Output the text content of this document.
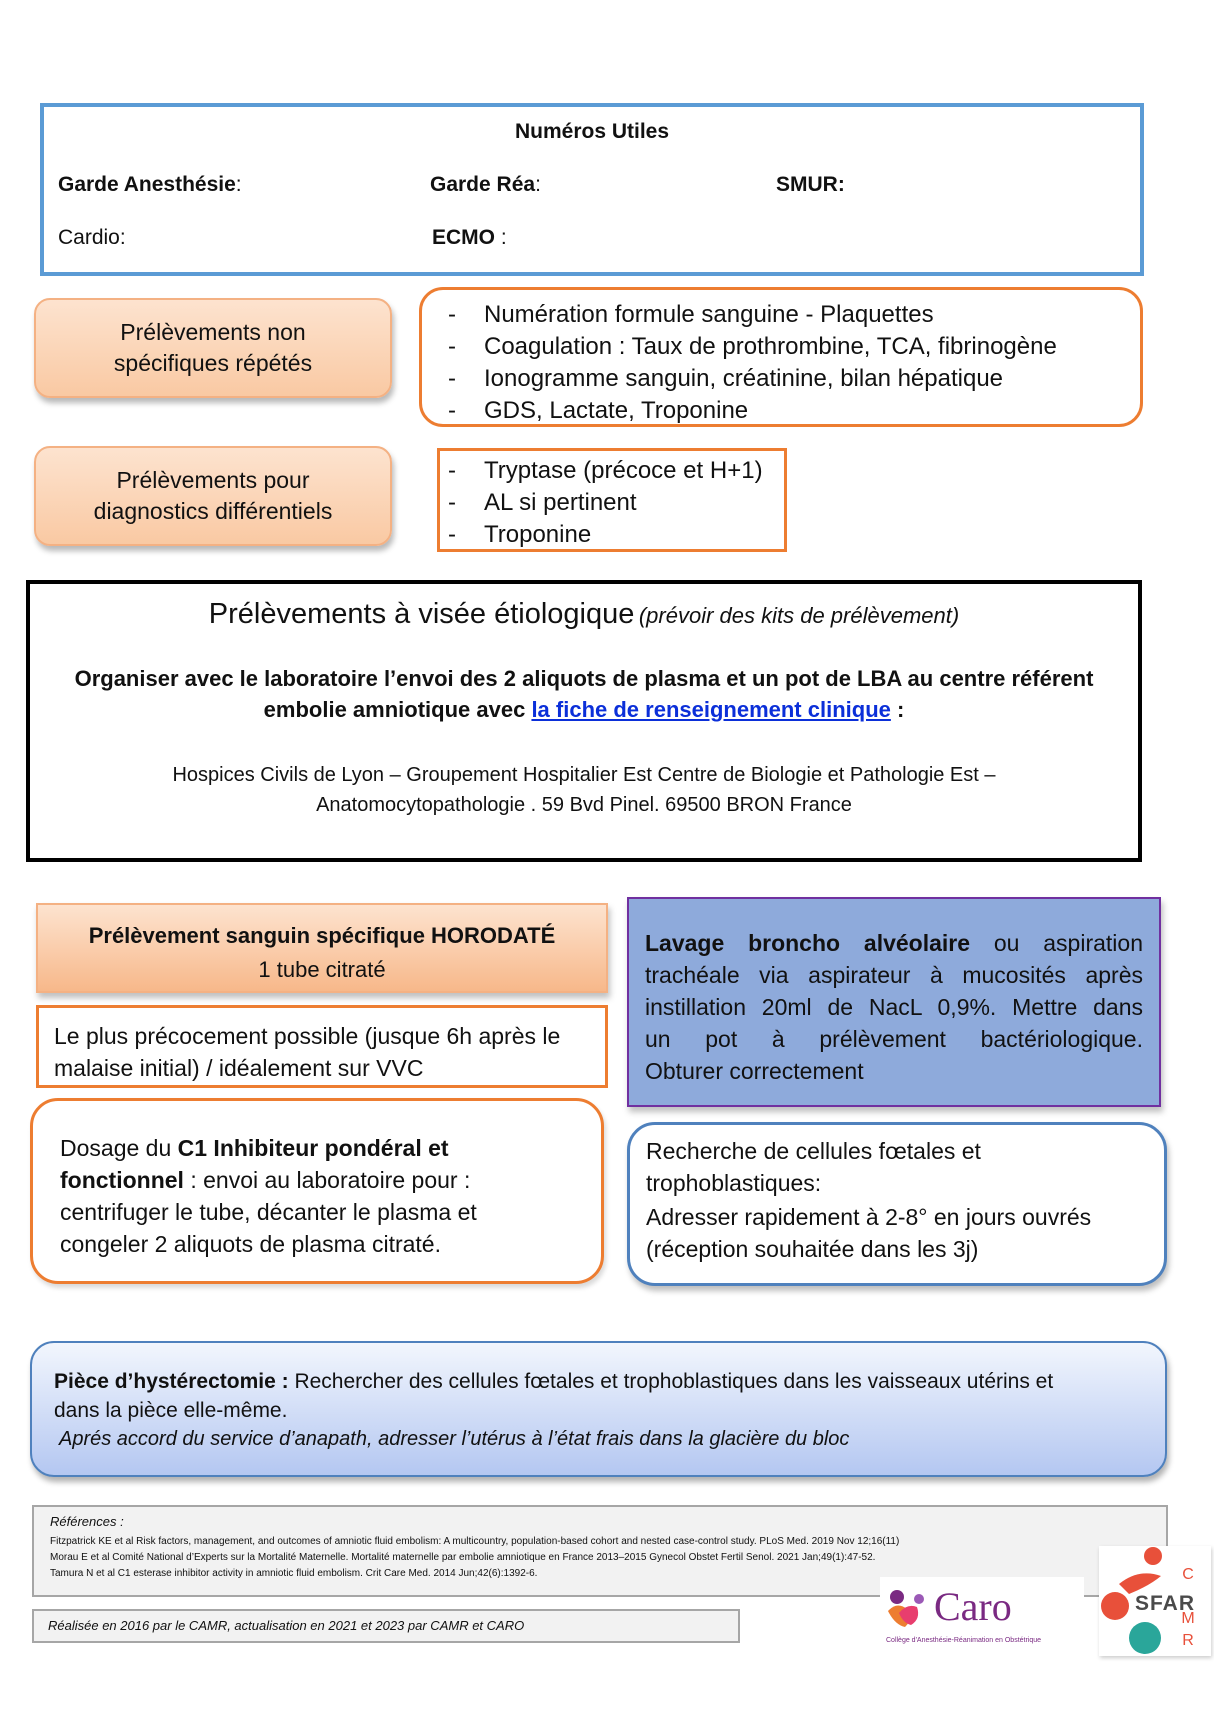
Numéros Utiles
Garde Anesthésie:	Garde Réa:	SMUR:
Cardio:	ECMO :
Prélèvements non
spécifiques répétés
- Numération formule sanguine - Plaquettes
- Coagulation : Taux de prothrombine, TCA, fibrinogène
- Ionogramme sanguin, créatinine, bilan hépatique
- GDS, Lactate, Troponine
Prélèvements pour
diagnostics différentiels
- Tryptase (précoce et H+1)
- AL si pertinent
- Troponine
Prélèvements à visée étiologique (prévoir des kits de prélèvement)
Organiser avec le laboratoire l’envoi des 2 aliquots de plasma et un pot de LBA au centre référent
embolie amniotique avec la fiche de renseignement clinique :
Hospices Civils de Lyon – Groupement Hospitalier Est Centre de Biologie et Pathologie Est –
Anatomocytopathologie . 59 Bvd Pinel. 69500 BRON France
Prélèvement sanguin spécifique HORODATÉ
1 tube citraté
Le plus précocement possible (jusque 6h après le
malaise initial) / idéalement sur VVC
Dosage du C1 Inhibiteur pondéral et
fonctionnel : envoi au laboratoire pour :
centrifuger le tube, décanter le plasma et
congeler 2 aliquots de plasma citraté.
Lavage broncho alvéolaire ou aspiration
trachéale via aspirateur à mucosités après
instillation 20ml de NacL 0,9%. Mettre dans
un pot à prélèvement bactériologique.
Obturer correctement
Recherche de cellules fœtales et
trophoblastiques:
Adresser rapidement à 2-8° en jours ouvrés
(réception souhaitée dans les 3j)
Pièce d’hystérectomie : Rechercher des cellules fœtales et trophoblastiques dans les vaisseaux utérins et
dans la pièce elle-même.
Aprés accord du service d’anapath, adresser l’utérus à l’état frais dans la glacière du bloc
Références :
Fitzpatrick KE et al Risk factors, management, and outcomes of amniotic fluid embolism: A multicountry, population-based cohort and nested case-control study. PLoS Med. 2019 Nov 12;16(11)
Morau E et al Comité National d’Experts sur la Mortalité Maternelle. Mortalité maternelle par embolie amniotique en France 2013–2015 Gynecol Obstet Fertil Senol. 2021 Jan;49(1):47-52.
Tamura N et al C1 esterase inhibitor activity in amniotic fluid embolism. Crit Care Med. 2014 Jun;42(6):1392-6.
Réalisée en 2016 par le CAMR, actualisation en 2021 et 2023 par CAMR et CARO	Caro
Collège d'Anesthésie-Réanimation en Obstétrique
SFAR
C
M
R
